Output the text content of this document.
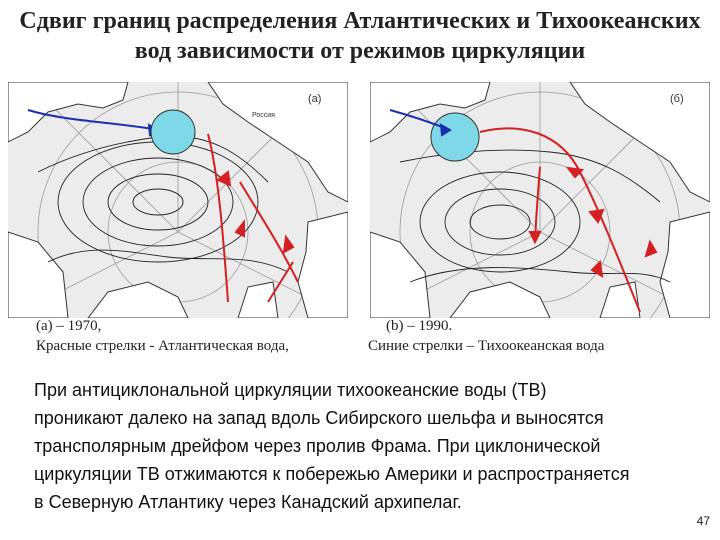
Сдвиг границ распределения Атлантических и Тихоокеанских
вод зависимости от режимов циркуляции
(а)
Россия
(б)
(a) – 1970,
Красные стрелки - Атлантическая вода,
(b) – 1990.
Синие стрелки – Тихоокеанская вода
При антициклональной циркуляции тихоокеанские воды (ТВ)
проникают далеко на запад вдоль Сибирского шельфа и выносятся
трансполярным дрейфом через пролив Фрама. При циклонической
циркуляции ТВ отжимаются к побережью Америки и распространяется
в Северную Атлантику через Канадский архипелаг.
47
